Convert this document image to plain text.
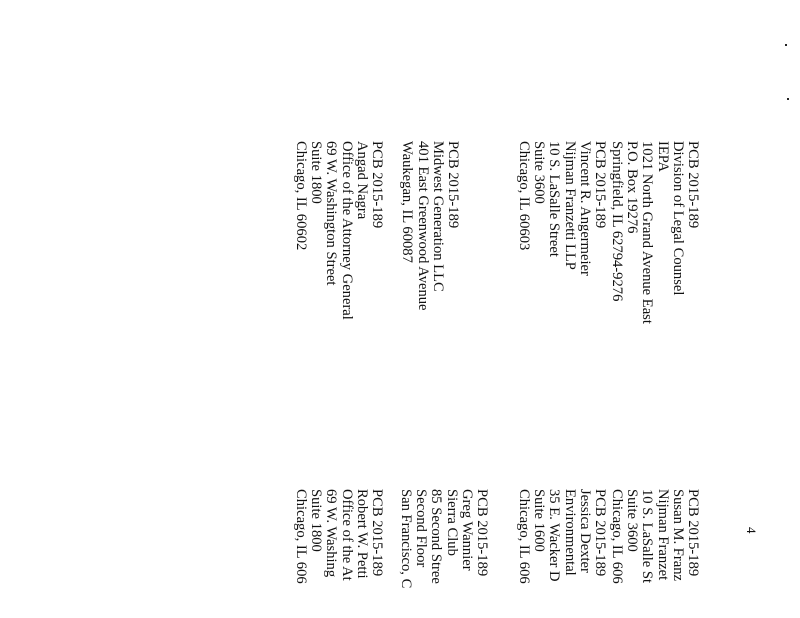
4
PCB 2015-189
Division of Legal Counsel
IEPA
1021 North Grand Avenue East
P.O. Box 19276
Springfield, IL 62794-9276
PCB 2015-189
Vincent R. Angermeier
Nijman Franzetti LLP
10 S. LaSalle Street
Suite 3600
Chicago, IL 60603
PCB 2015-189
Midwest Generation LLC
401 East Greenwood Avenue
Waukegan, IL 60087
PCB 2015-189
Angad Nagra
Office of the Attorney General
69 W. Washington Street
Suite 1800
Chicago, IL 60602
PCB 2015-189
Susan M. Franz
Nijman Franzet
10 S. LaSalle St
Suite 3600
Chicago, IL 606
PCB 2015-189
Jessica Dexter
Environmental
35 E. Wacker D
Suite 1600
Chicago, IL 606
PCB 2015-189
Greg Wannier
Sierra Club
85 Second Stree
Second Floor
San Francisco, C
PCB 2015-189
Robert W. Petti
Office of the At
69 W. Washing
Suite 1800
Chicago, IL 606
